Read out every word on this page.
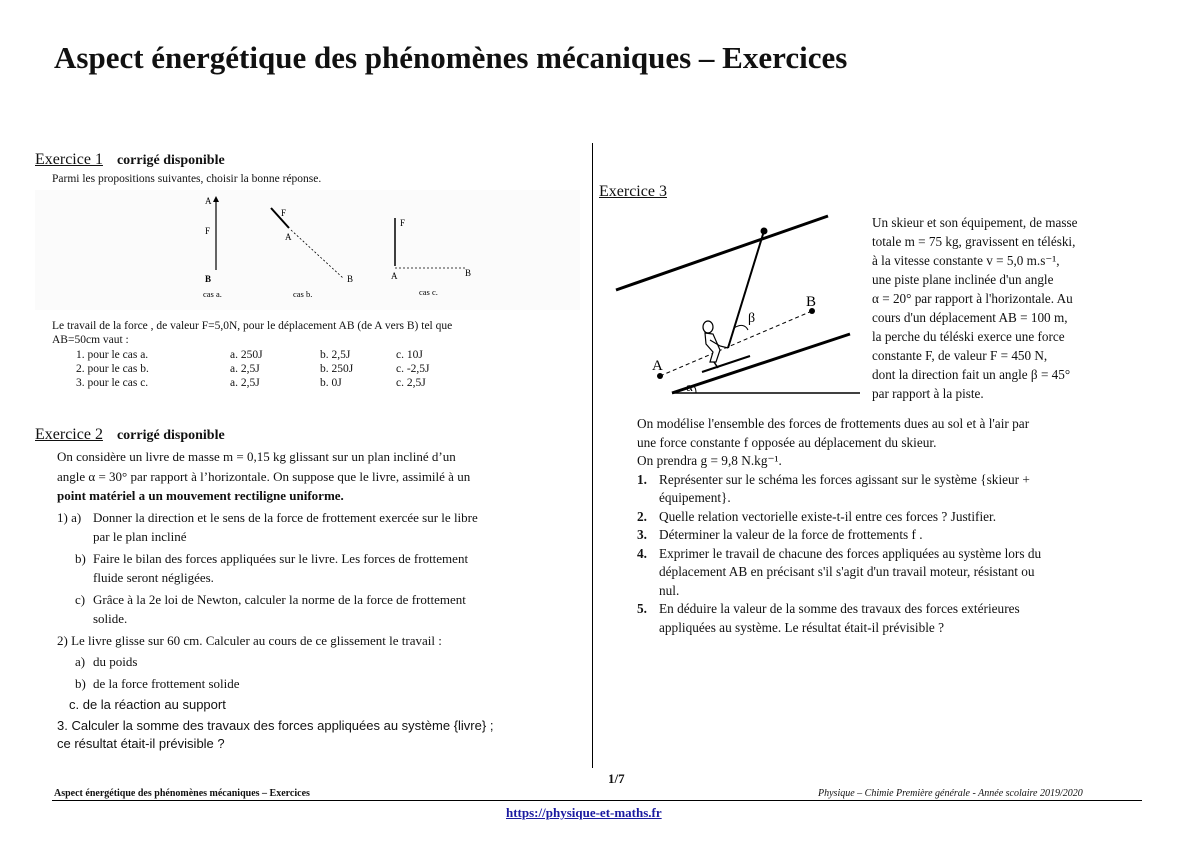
Aspect énergétique des phénomènes mécaniques – Exercices
Exercice 1 corrigé disponible
Parmi les propositions suivantes, choisir la bonne réponse.
A
F
B
cas a.
F
A
B
cas b.
F
A	B
cas c.
Le travail de la force , de valeur F=5,0N, pour le déplacement AB (de A vers B) tel que
AB=50cm vaut :
1. pour le cas a.	a. 250J	b. 2,5J	c. 10J
2. pour le cas b.	a. 2,5J	b. 250J	c. -2,5J
3. pour le cas c.	a. 2,5J	b. 0J	c. 2,5J
Exercice 2 corrigé disponible
On considère un livre de masse m = 0,15 kg glissant sur un plan incliné d’un
angle α = 30° par rapport à l’horizontale. On suppose que le livre, assimilé à un
point matériel a un mouvement rectiligne uniforme.
1) a) Donner la direction et le sens de la force de frottement exercée sur le libre
par le plan incliné
b) Faire le bilan des forces appliquées sur le livre. Les forces de frottement
fluide seront négligées.
c) Grâce à la 2e loi de Newton, calculer la norme de la force de frottement
solide.
2) Le livre glisse sur 60 cm. Calculer au cours de ce glissement le travail :
a) du poids
b) de la force frottement solide
c. de la réaction au support
3. Calculer la somme des travaux des forces appliquées au système {livre} ;
ce résultat était-il prévisible ?
Exercice 3
B
A
β
α
Un skieur et son équipement, de masse
totale m = 75 kg, gravissent en téléski,
à la vitesse constante v = 5,0 m.s⁻¹,
une piste plane inclinée d'un angle
α = 20° par rapport à l'horizontale. Au
cours d'un déplacement AB = 100 m,
la perche du téléski exerce une force
constante F, de valeur F = 450 N,
dont la direction fait un angle β = 45°
par rapport à la piste.
On modélise l'ensemble des forces de frottements dues au sol et à l'air par
une force constante f opposée au déplacement du skieur.
On prendra g = 9,8 N.kg⁻¹.
1. Représenter sur le schéma les forces agissant sur le système {skieur +
équipement}.
2. Quelle relation vectorielle existe-t-il entre ces forces ? Justifier.
3. Déterminer la valeur de la force de frottements f .
4. Exprimer le travail de chacune des forces appliquées au système lors du
déplacement AB en précisant s'il s'agit d'un travail moteur, résistant ou
nul.
5. En déduire la valeur de la somme des travaux des forces extérieures
appliquées au système. Le résultat était-il prévisible ?
1/7
Aspect énergétique des phénomènes mécaniques – Exercices	Physique – Chimie Première générale - Année scolaire 2019/2020
https://physique-et-maths.fr
